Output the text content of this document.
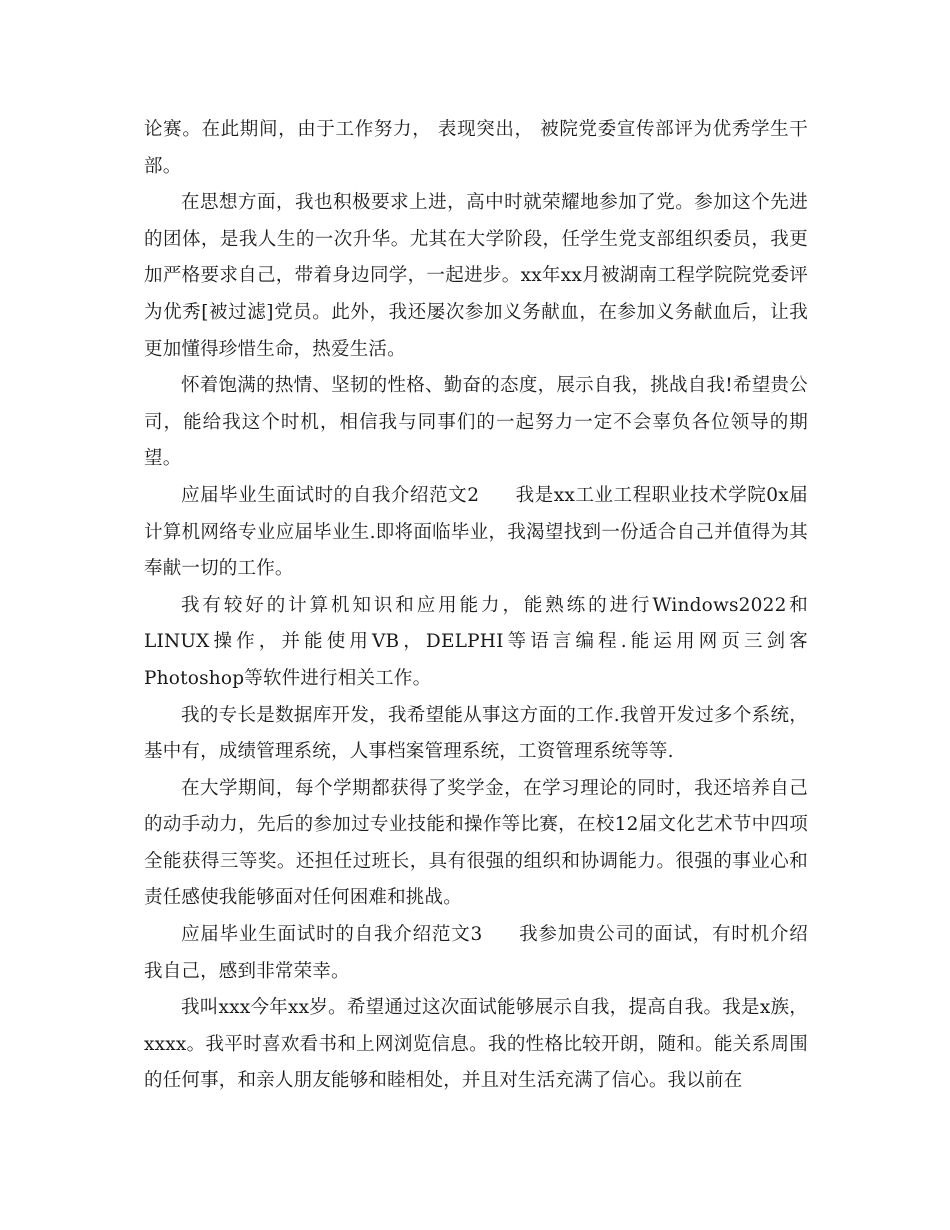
论赛。在此期间，由于工作努力， 表现突出， 被院党委宣传部评为优秀学生干部。

在思想方面，我也积极要求上进，高中时就荣耀地参加了党。参加这个先进的团体，是我人生的一次升华。尤其在大学阶段，任学生党支部组织委员，我更加严格要求自己，带着身边同学，一起进步。xx年xx月被湖南工程学院院党委评为优秀[被过滤]党员。此外，我还屡次参加义务献血，在参加义务献血后，让我更加懂得珍惜生命，热爱生活。

怀着饱满的热情、坚韧的性格、勤奋的态度，展示自我，挑战自我!希望贵公司，能给我这个时机，相信我与同事们的一起努力一定不会辜负各位领导的期望。

应届毕业生面试时的自我介绍范文2 我是xx工业工程职业技术学院0x届计算机网络专业应届毕业生.即将面临毕业，我渴望找到一份适合自己并值得为其奉献一切的工作。

我有较好的计算机知识和应用能力，能熟练的进行Windows2022和LINUX操作，并能使用VB，DELPHI等语言编程.能运用网页三剑客Photoshop等软件进行相关工作。

我的专长是数据库开发，我希望能从事这方面的工作.我曾开发过多个系统，基中有，成绩管理系统，人事档案管理系统，工资管理系统等等.

在大学期间，每个学期都获得了奖学金，在学习理论的同时，我还培养自己的动手动力，先后的参加过专业技能和操作等比赛，在校12届文化艺术节中四项全能获得三等奖。还担任过班长，具有很强的组织和协调能力。很强的事业心和责任感使我能够面对任何困难和挑战。

应届毕业生面试时的自我介绍范文3 我参加贵公司的面试，有时机介绍我自己，感到非常荣幸。

我叫xxx今年xx岁。希望通过这次面试能够展示自我，提高自我。我是x族，xxxx。我平时喜欢看书和上网浏览信息。我的性格比较开朗，随和。能关系周围的任何事，和亲人朋友能够和睦相处，并且对生活充满了信心。我以前在
